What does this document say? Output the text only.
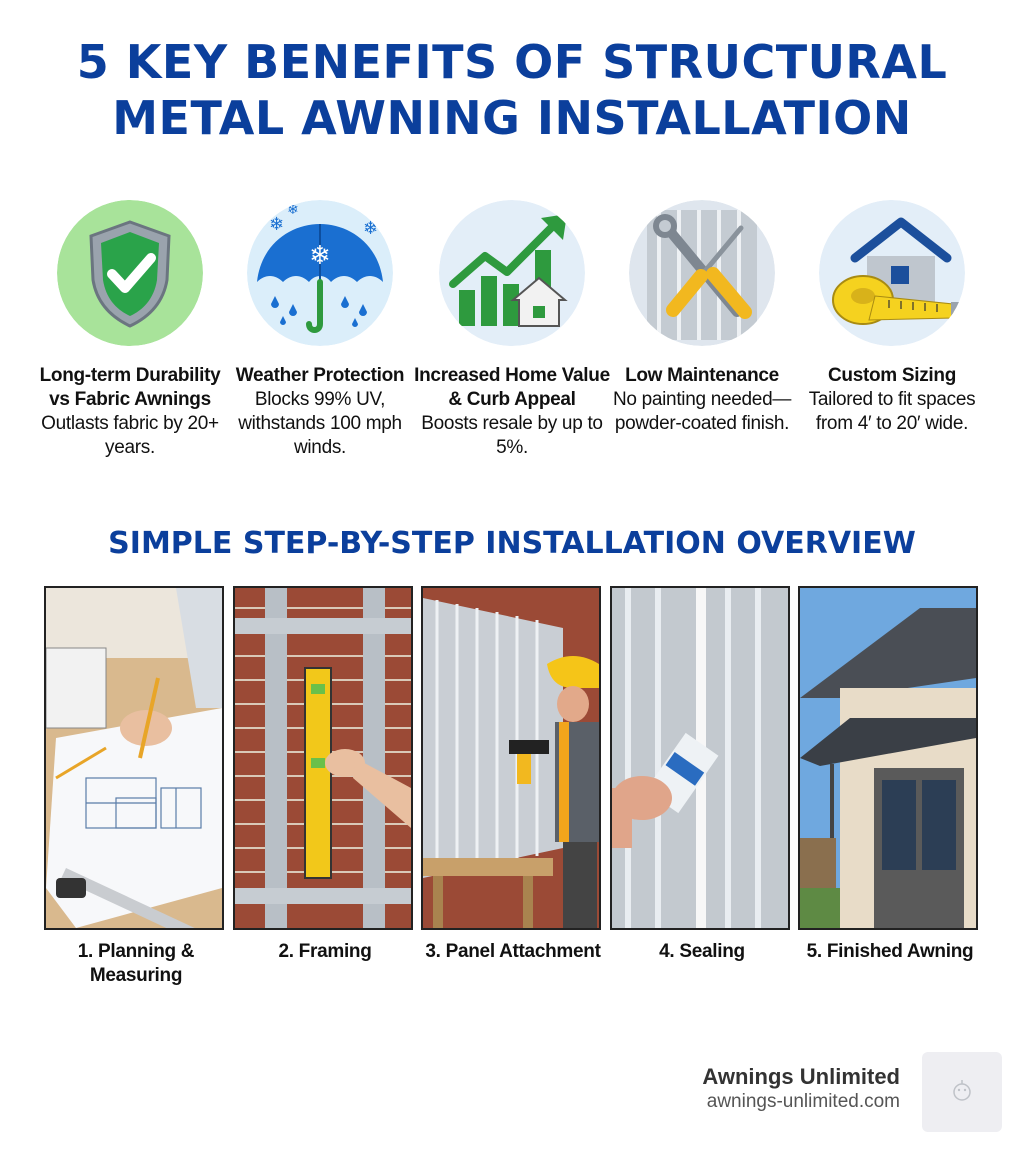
5 KEY BENEFITS OF STRUCTURAL
METAL AWNING INSTALLATION
Long-term Durability vs Fabric Awnings
Outlasts fabric by 20+ years.
❄
❄
❄
❄
Weather Protection
Blocks 99% UV, withstands 100 mph winds.
Increased Home Value & Curb Appeal
Boosts resale by up to 5%.
Low Maintenance
No painting needed—powder-coated finish.
Custom Sizing
Tailored to fit spaces from 4′ to 20′ wide.
SIMPLE STEP-BY-STEP INSTALLATION OVERVIEW
1. Planning & Measuring
2. Framing	3. Panel Attachment	4. Sealing	5. Finished Awning
Awnings Unlimited
awnings-unlimited.com
